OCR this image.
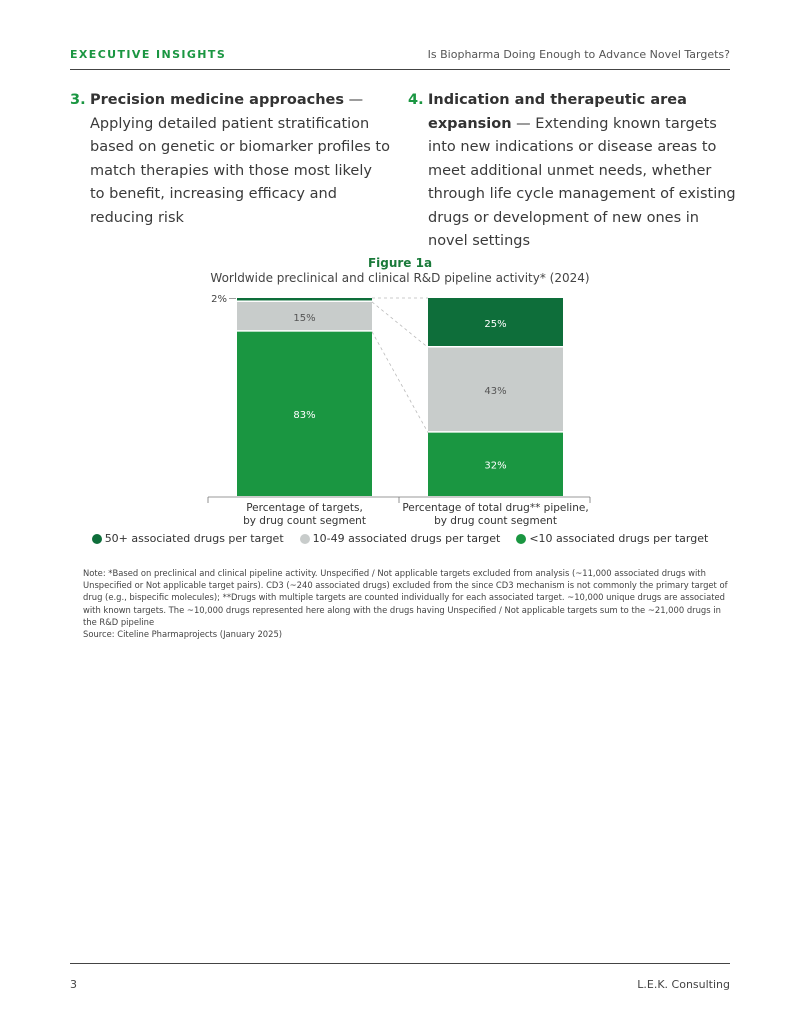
EXECUTIVE INSIGHTS	Is Biopharma Doing Enough to Advance Novel Targets?
3. Precision medicine approaches — Applying detailed patient stratification based on genetic or biomarker profiles to match therapies with those most likely to benefit, increasing efficacy and reducing risk
4. Indication and therapeutic area expansion — Extending known targets into new indications or disease areas to meet additional unmet needs, whether through life cycle management of existing drugs or development of new ones in novel settings
Figure 1a
Worldwide preclinical and clinical R&D pipeline activity* (2024)
83%
15%
2%
32%
43%
25%
Percentage of targets,
by drug count segment
Percentage of total drug** pipeline,
by drug count segment
50+ associated drugs per target	10-49 associated drugs per target	<10 associated drugs per target
Note: *Based on preclinical and clinical pipeline activity. Unspecified / Not applicable targets excluded from analysis (~11,000 associated drugs with Unspecified or Not applicable target pairs). CD3 (~240 associated drugs) excluded from the since CD3 mechanism is not commonly the primary target of drug (e.g., bispecific molecules); **Drugs with multiple targets are counted individually for each associated target. ~10,000 unique drugs are associated with known targets. The ~10,000 drugs represented here along with the drugs having Unspecified / Not applicable targets sum to the ~21,000 drugs in the R&D pipeline
Source: Citeline Pharmaprojects (January 2025)
3	L.E.K. Consulting
